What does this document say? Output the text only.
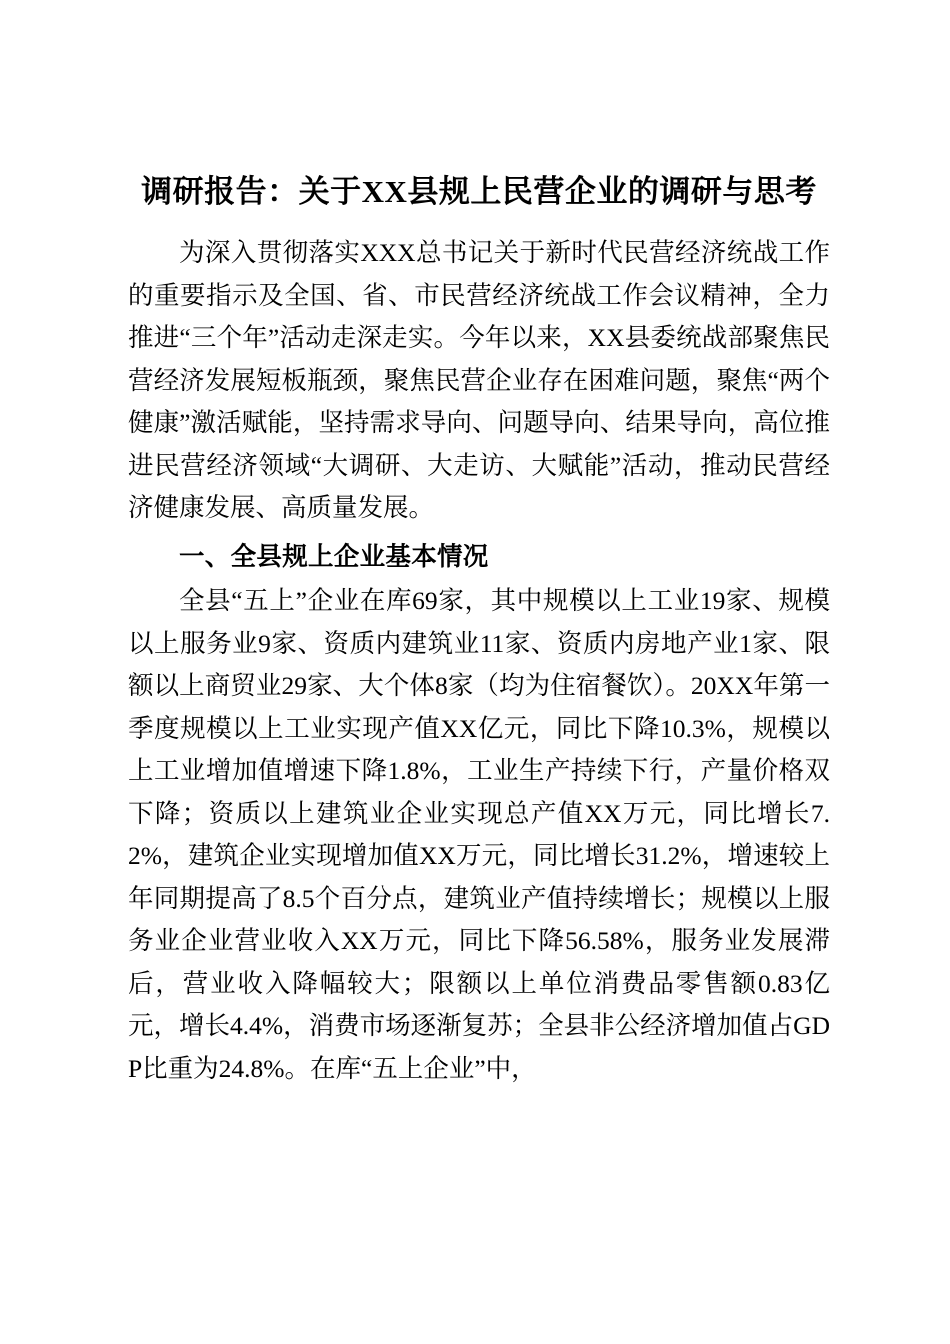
调研报告：关于XX县规上民营企业的调研与思考

为深入贯彻落实XXX总书记关于新时代民营经济统战工作的重要指示及全国、省、市民营经济统战工作会议精神，全力推进“三个年”活动走深走实。今年以来，XX县委统战部聚焦民营经济发展短板瓶颈，聚焦民营企业存在困难问题，聚焦“两个健康”激活赋能，坚持需求导向、问题导向、结果导向，高位推进民营经济领域“大调研、大走访、大赋能”活动，推动民营经济健康发展、高质量发展。

一、全县规上企业基本情况

全县“五上”企业在库69家，其中规模以上工业19家、规模以上服务业9家、资质内建筑业11家、资质内房地产业1家、限额以上商贸业29家、大个体8家（均为住宿餐饮）。20XX年第一季度规模以上工业实现产值XX亿元，同比下降10.3%，规模以上工业增加值增速下降1.8%，工业生产持续下行，产量价格双下降；资质以上建筑业企业实现总产值XX万元，同比增长7.2%，建筑企业实现增加值XX万元，同比增长31.2%，增速较上年同期提高了8.5个百分点，建筑业产值持续增长；规模以上服务业企业营业收入XX万元，同比下降56.58%，服务业发展滞后，营业收入降幅较大；限额以上单位消费品零售额0.83亿元，增长4.4%，消费市场逐渐复苏；全县非公经济增加值占GDP比重为24.8%。在库“五上企业”中，
